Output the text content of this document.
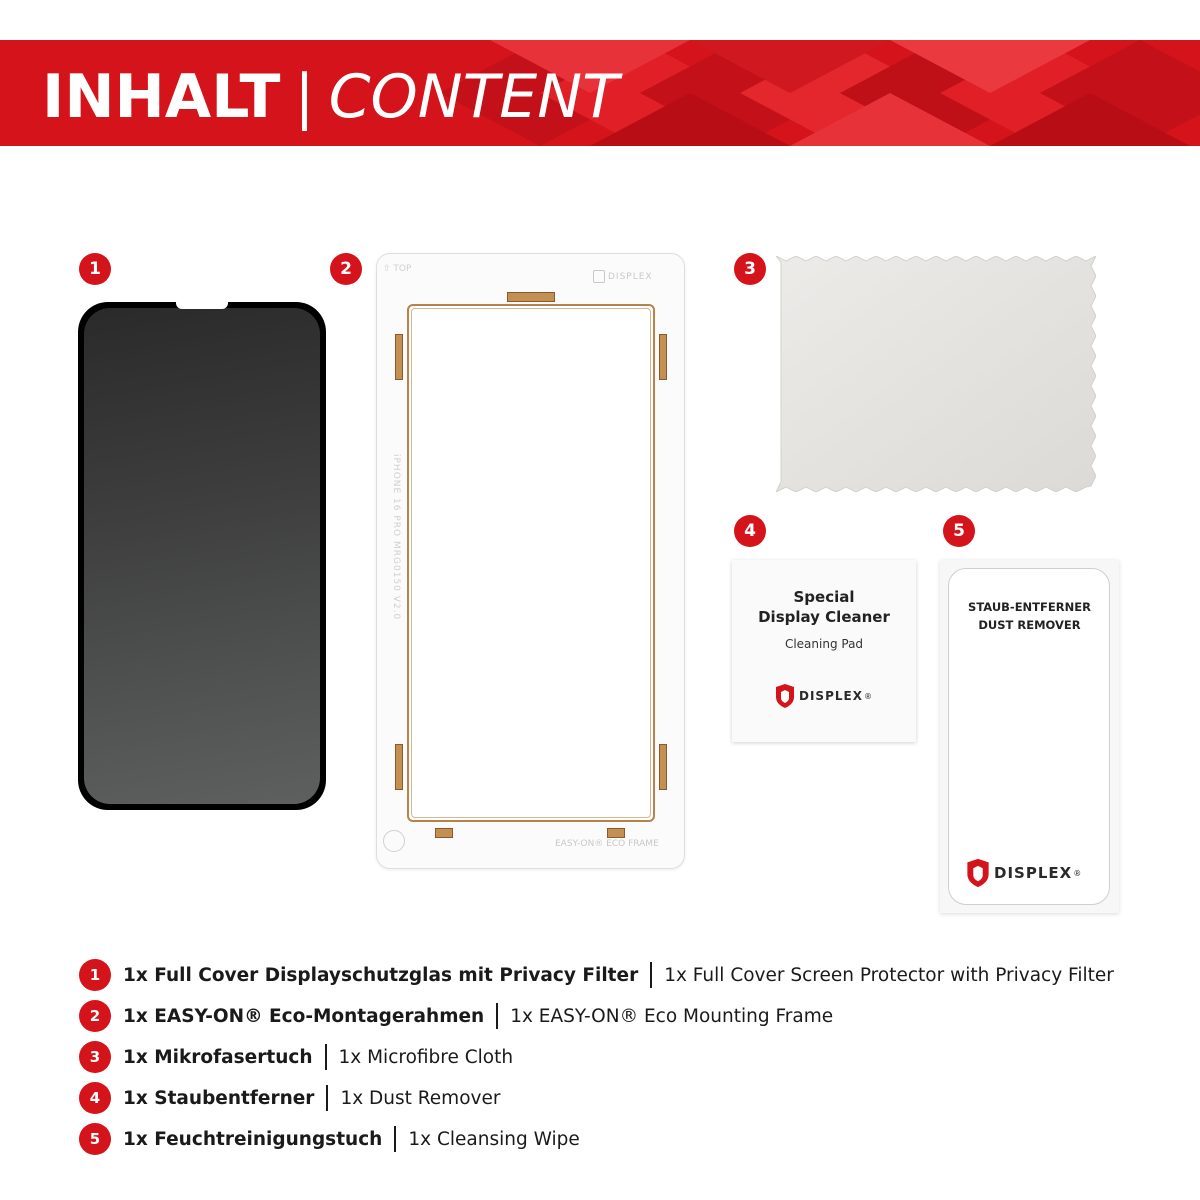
INHALT | CONTENT
1	2	3
4	5
⇧ TOP
DISPLEX
iPHONE 16 PRO MRG0150 V2.0
EASY-ON® ECO FRAME
Special
Display Cleaner
Cleaning Pad
DISPLEX ®
STAUB-ENTFERNER
DUST REMOVER
DISPLEX ®
1	1x Full Cover Displayschutzglas mit Privacy Filter 1x Full Cover Screen Protector with Privacy Filter
2	1x EASY-ON® Eco-Montagerahmen 1x EASY-ON® Eco Mounting Frame
3	1x Mikrofasertuch 1x Microfibre Cloth
4	1x Staubentferner 1x Dust Remover
5	1x Feuchtreinigungstuch 1x Cleansing Wipe
